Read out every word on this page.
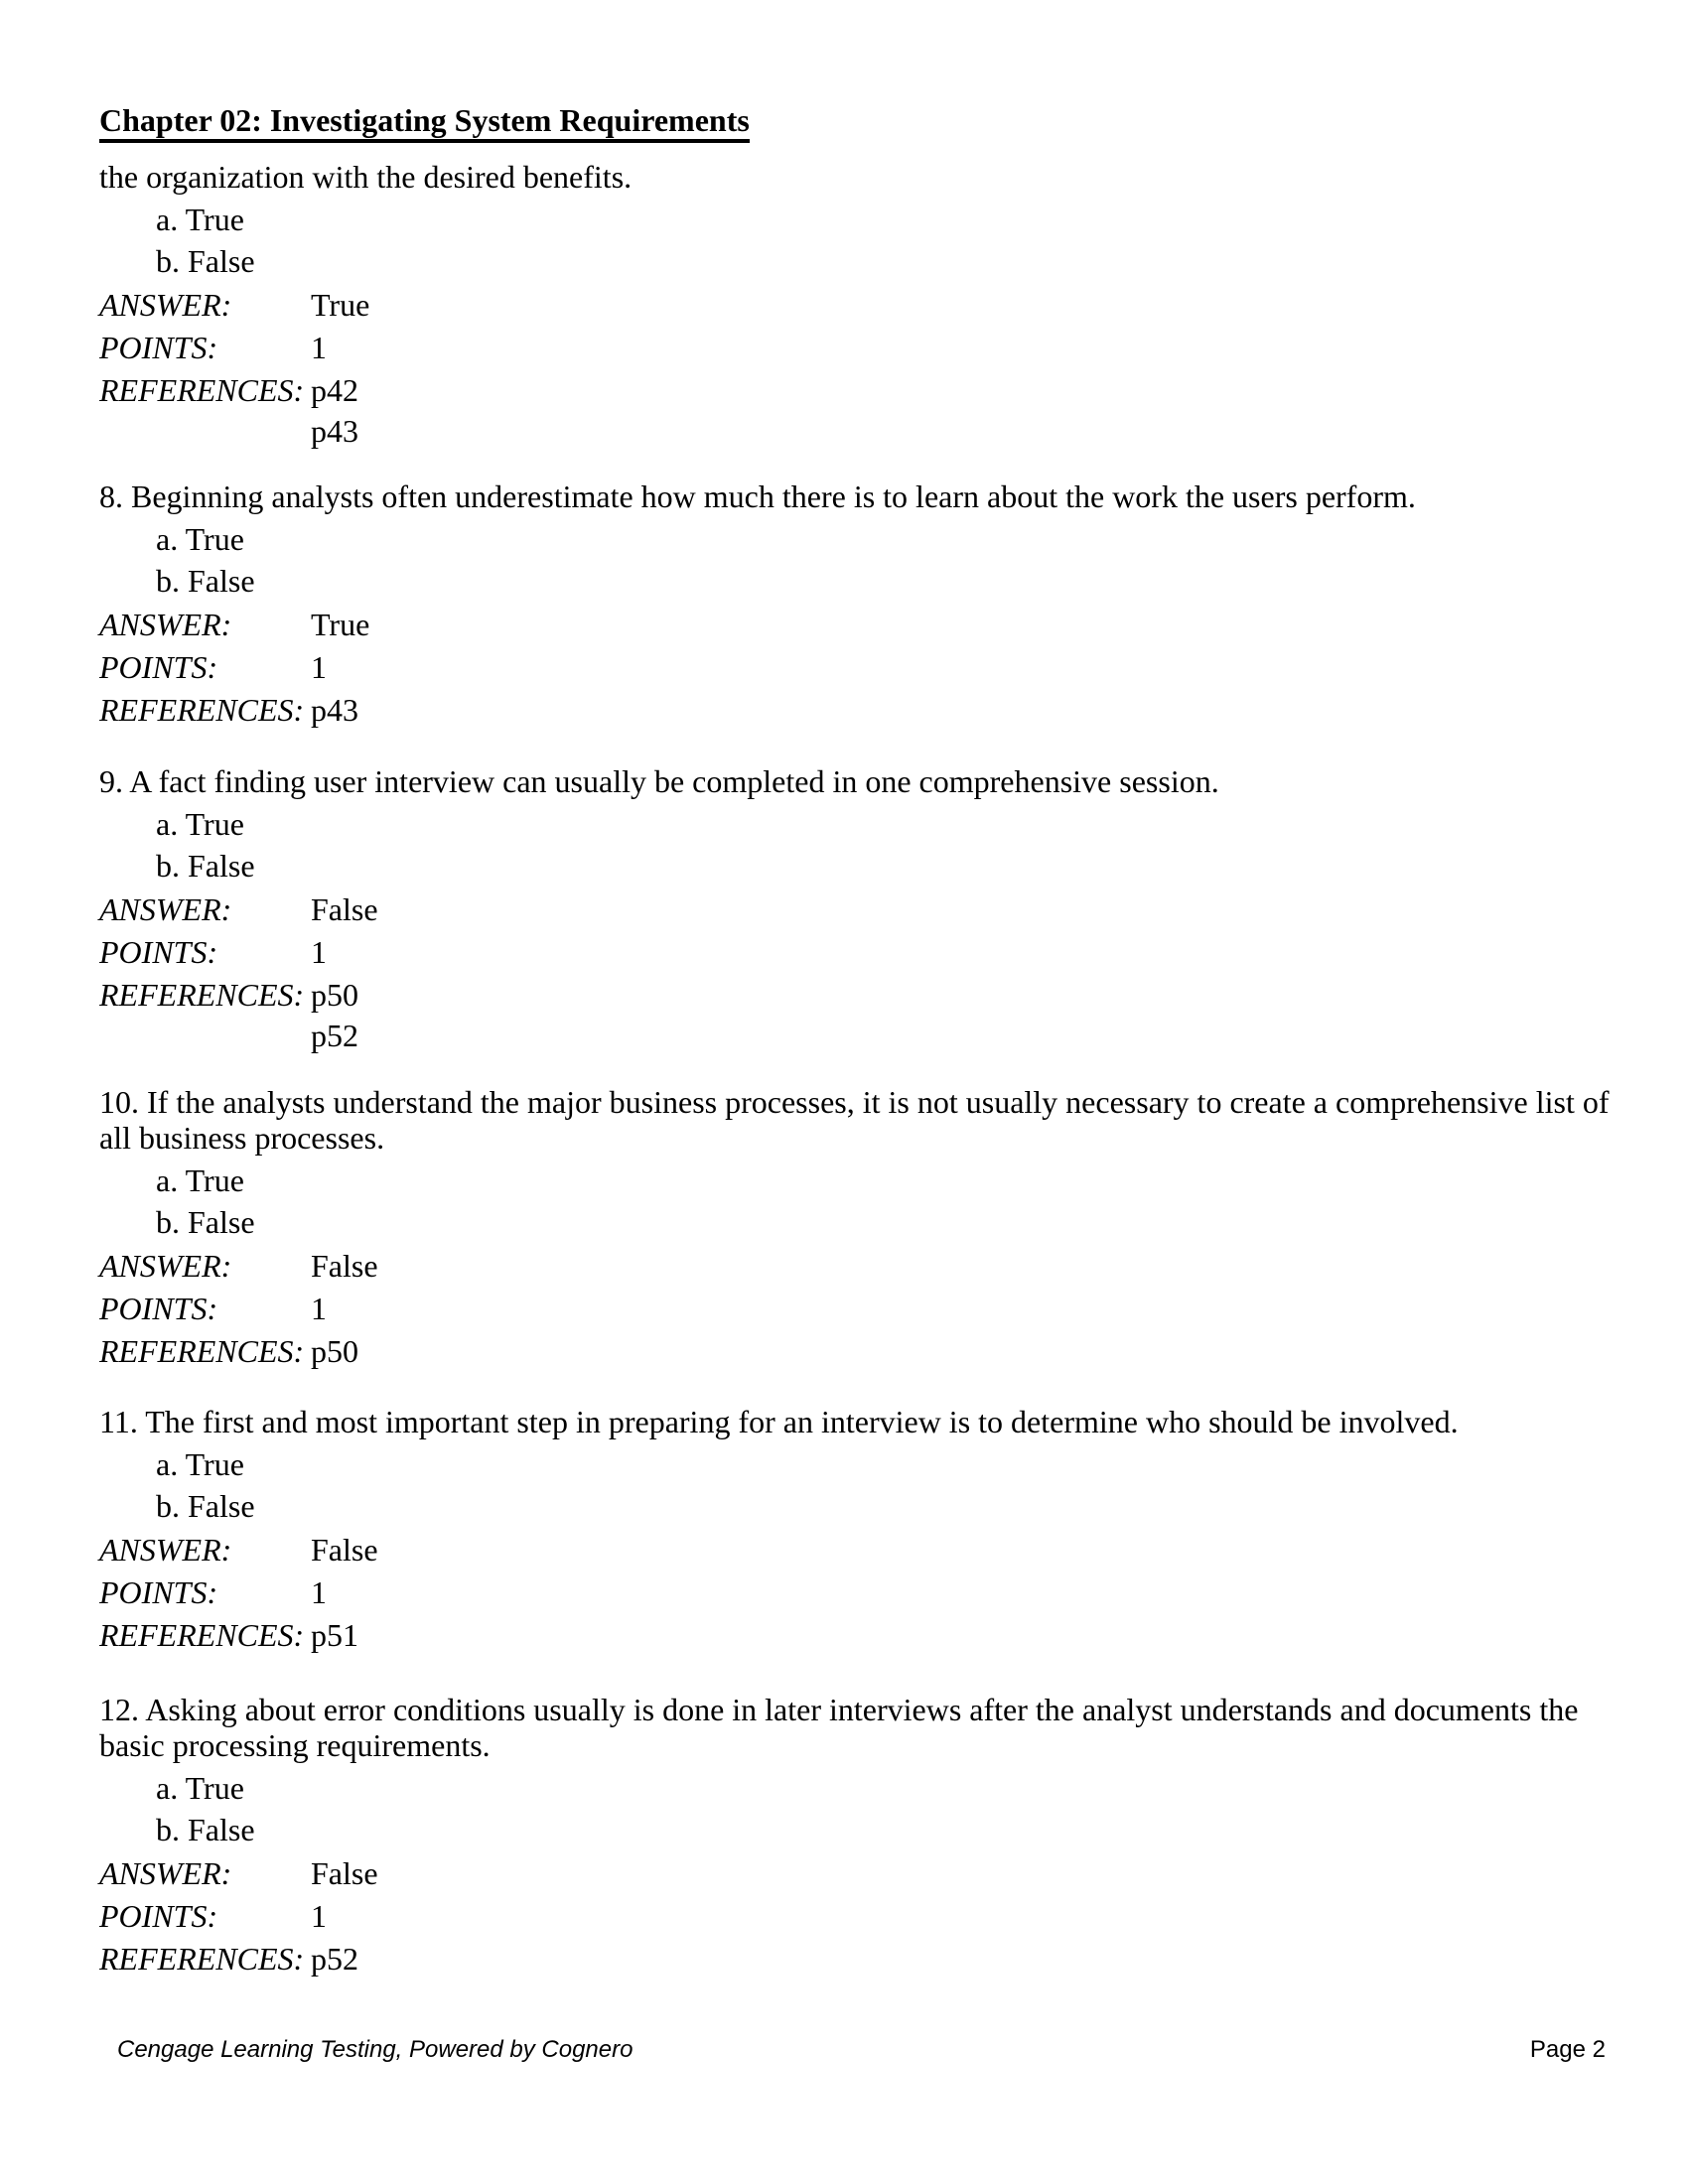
Chapter 02: Investigating System Requirements

the organization with the desired benefits.

a. True
b. False
ANSWER:	True
POINTS:	1
REFERENCES: p42
p43

8. Beginning analysts often underestimate how much there is to learn about the work the users perform.

a. True
b. False
ANSWER:	True
POINTS:	1
REFERENCES: p43

9. A fact finding user interview can usually be completed in one comprehensive session.

a. True
b. False
ANSWER:	False
POINTS:	1
REFERENCES: p50
p52

10. If the analysts understand the major business processes, it is not usually necessary to create a comprehensive list of all business processes.

a. True
b. False
ANSWER:	False
POINTS:	1
REFERENCES: p50

11. The first and most important step in preparing for an interview is to determine who should be involved.

a. True
b. False
ANSWER:	False
POINTS:	1
REFERENCES: p51

12. Asking about error conditions usually is done in later interviews after the analyst understands and documents the basic processing requirements.

a. True
b. False
ANSWER:	False
POINTS:	1
REFERENCES: p52
Cengage Learning Testing, Powered by Cognero	Page 2
